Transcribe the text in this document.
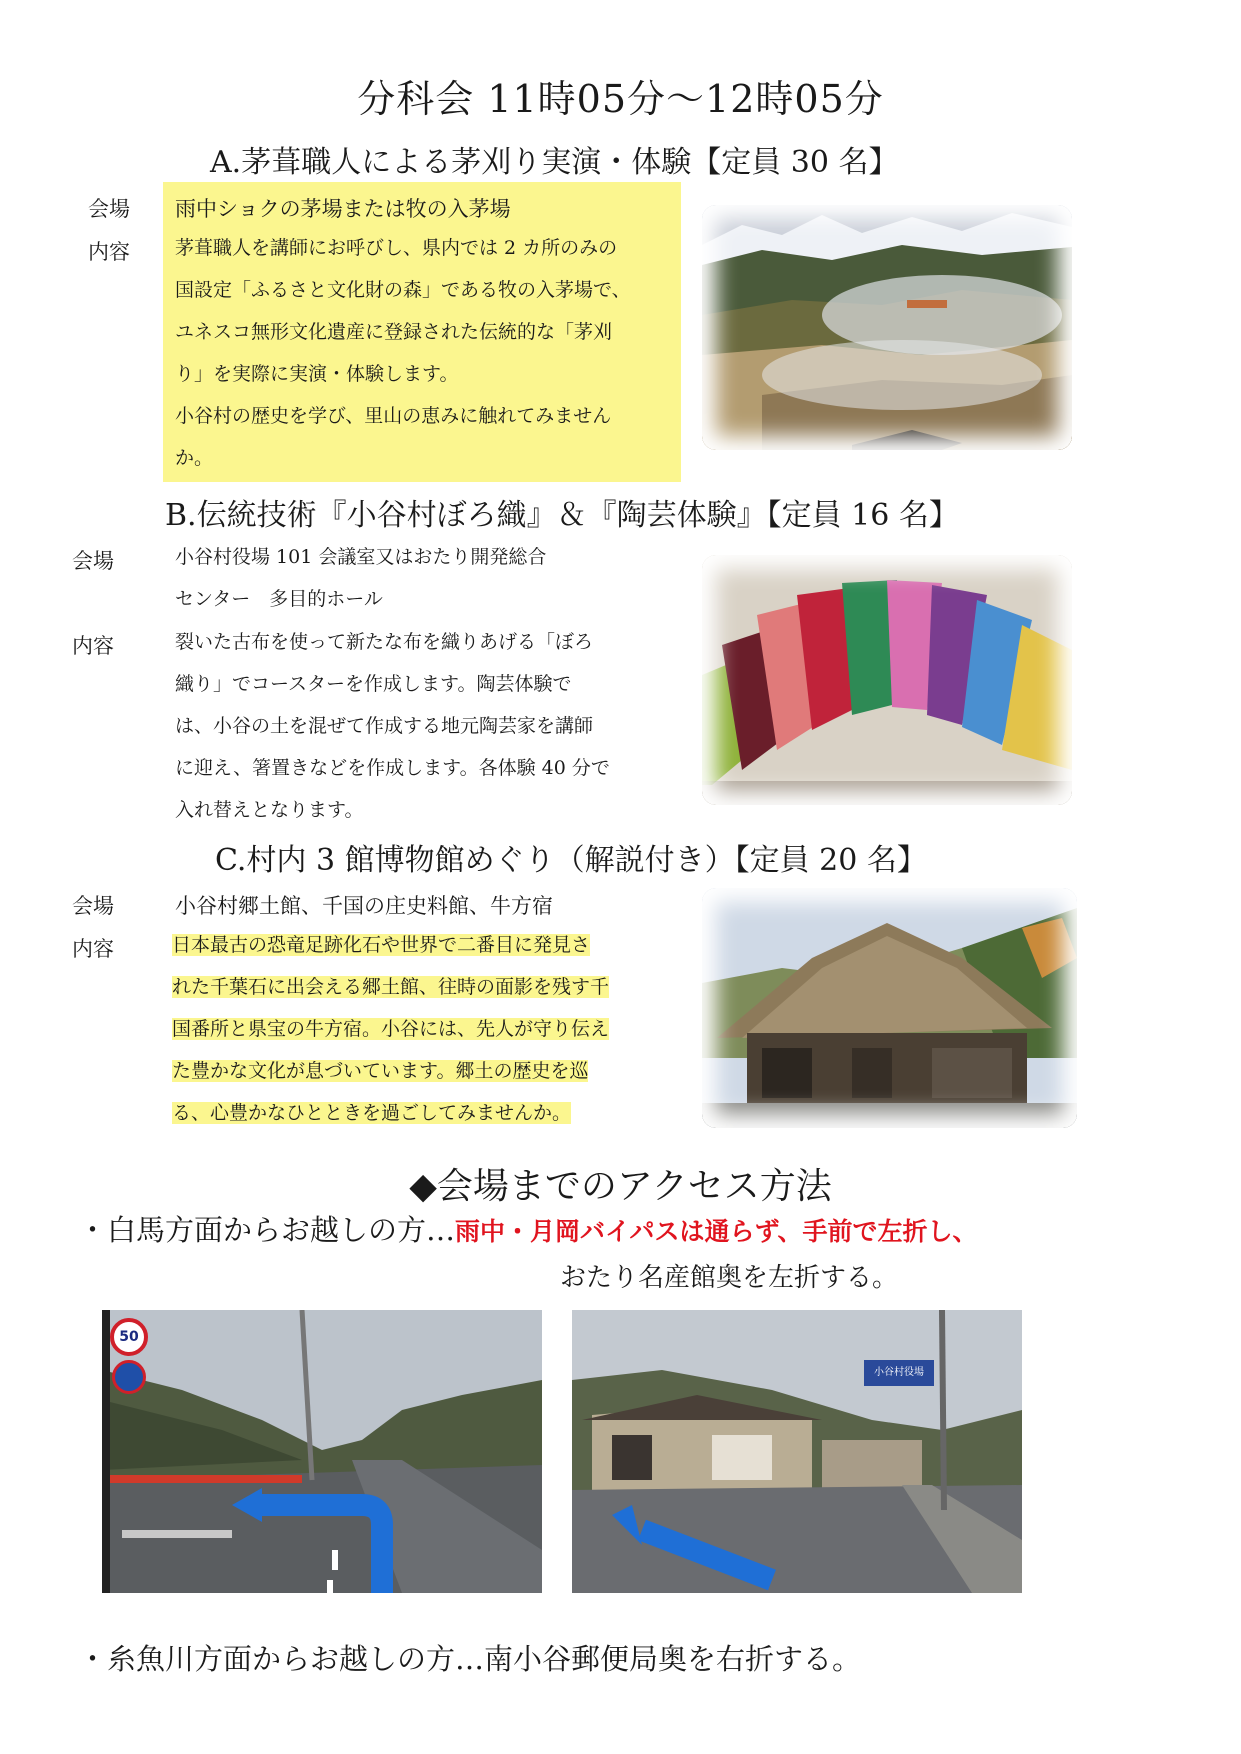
分科会 11時05分～12時05分
A.茅葺職人による茅刈り実演・体験【定員 30 名】
会場 雨中ショクの茅場または牧の入茅場
内容 茅葺職人を講師にお呼びし、県内では 2 カ所のみの
国設定「ふるさと文化財の森」である牧の入茅場で、
ユネスコ無形文化遺産に登録された伝統的な「茅刈
り」を実際に実演・体験します。
小谷村の歴史を学び、里山の恵みに触れてみません
か。
B.伝統技術『小谷村ぼろ織』＆『陶芸体験』【定員 16 名】
会場	小谷村役場 101 会議室又はおたり開発総合
センター　多目的ホール
内容	裂いた古布を使って新たな布を織りあげる「ぼろ
織り」でコースターを作成します。陶芸体験で
は、小谷の土を混ぜて作成する地元陶芸家を講師
に迎え、箸置きなどを作成します。各体験 40 分で
入れ替えとなります。
C.村内 3 館博物館めぐり（解説付き）【定員 20 名】
会場	小谷村郷土館、千国の庄史料館、牛方宿
内容	日本最古の恐竜足跡化石や世界で二番目に発見さ
れた千葉石に出会える郷土館、往時の面影を残す千
国番所と県宝の牛方宿。小谷には、先人が守り伝え
た豊かな文化が息づいています。郷土の歴史を巡
る、心豊かなひとときを過ごしてみませんか。
◆会場までのアクセス方法
・白馬方面からお越しの方…雨中・月岡バイパスは通らず、手前で左折し、
おたり名産館奥を左折する。
50
小谷村役場
・糸魚川方面からお越しの方…南小谷郵便局奥を右折する。
